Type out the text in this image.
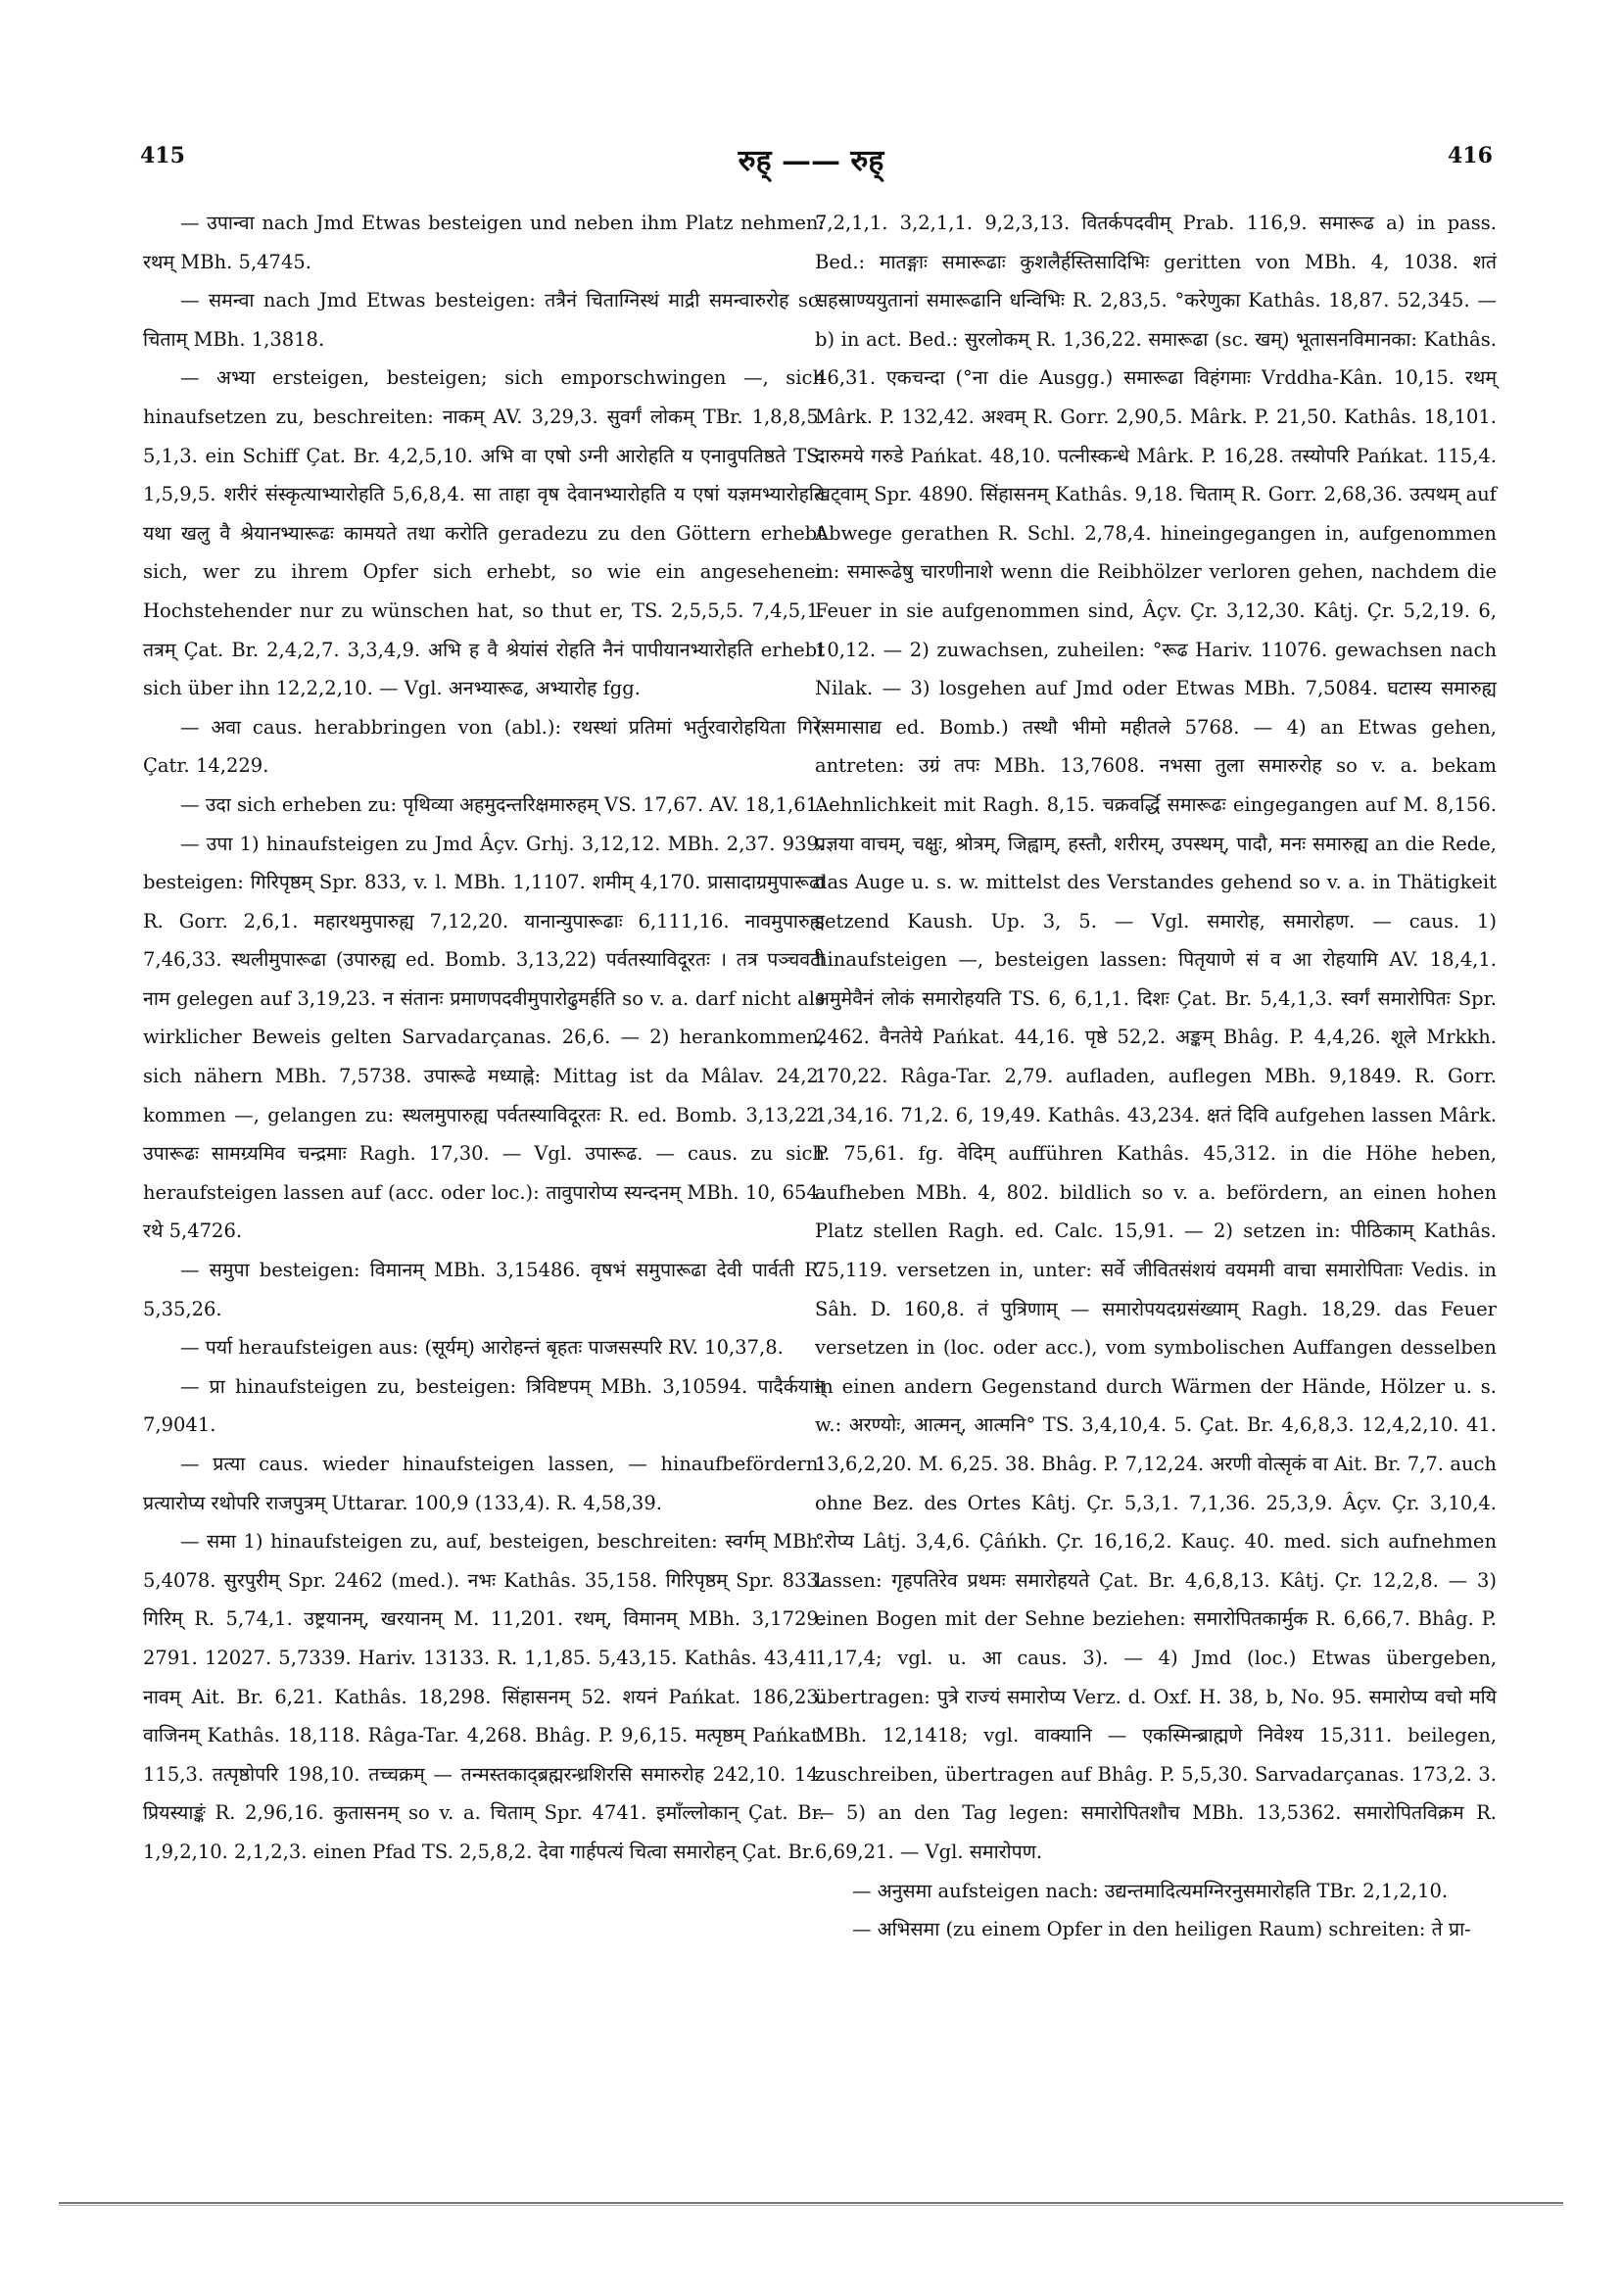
415	रुह् —— रुह्	416

— उपान्वा nach Jmd Etwas besteigen und neben ihm Platz nehmen: रथम् MBh. 5,4745.

— समन्वा nach Jmd Etwas besteigen: तत्रैनं चिताग्निस्थं माद्री समन्वारुरोह sc. चिताम् MBh. 1,3818.

— अभ्या ersteigen, besteigen; sich emporschwingen —, sich hinaufsetzen zu, beschreiten: नाकम् AV. 3,29,3. सुवर्गं लोकम् TBr. 1,8,8,5. 5,1,3. ein Schiff Çat. Br. 4,2,5,10. अभि वा एषो ऽग्नी आरोहति य एनावुपतिष्ठते TS. 1,5,9,5. शरीरं संस्कृत्याभ्यारोहति 5,6,8,4. सा ताहा वृष देवानभ्यारोहति य एषां यज्ञमभ्यारोहति यथा खलु वै श्रेयानभ्यारूढः कामयते तथा करोति geradezu zu den Göttern erhebt sich, wer zu ihrem Opfer sich erhebt, so wie ein angesehener Hochstehender nur zu wünschen hat, so thut er, TS. 2,5,5,5. 7,4,5,1. तत्रम् Çat. Br. 2,4,2,7. 3,3,4,9. अभि ह वै श्रेयांसं रोहति नैनं पापीयानभ्यारोहति erhebt sich über ihn 12,2,2,10. — Vgl. अनभ्यारूढ, अभ्यारोह fgg.

— अवा caus. herabbringen von (abl.): रथस्थां प्रतिमां भर्तुरवारोहयिता गिरेः Çatr. 14,229.

— उदा sich erheben zu: पृथिव्या अहमुदन्तरिक्षमारुहम् VS. 17,67. AV. 18,1,61.

— उपा 1) hinaufsteigen zu Jmd Âçv. Grhj. 3,12,12. MBh. 2,37. 939. besteigen: गिरिपृष्ठम् Spr. 833, v. l. MBh. 1,1107. शमीम् 4,170. प्रासादाग्रमुपारूढा R. Gorr. 2,6,1. महारथमुपारुह्य 7,12,20. यानान्युपारूढाः 6,111,16. नावमुपारुह्य 7,46,33. स्थलीमुपारूढा (उपारुह्य ed. Bomb. 3,13,22) पर्वतस्याविदूरतः । तत्र पञ्चवटी नाम gelegen auf 3,19,23. न संतानः प्रमाणपदवीमुपारोढुमर्हति so v. a. darf nicht als wirklicher Beweis gelten Sarvadarçanas. 26,6. — 2) herankommen, sich nähern MBh. 7,5738. उपारूढे मध्याह्ने: Mittag ist da Mâlav. 24,2. kommen —, gelangen zu: स्थलमुपारुह्य पर्वतस्याविदूरतः R. ed. Bomb. 3,13,22. उपारूढः सामग्र्यमिव चन्द्रमाः Ragh. 17,30. — Vgl. उपारूढ. — caus. zu sich heraufsteigen lassen auf (acc. oder loc.): तावुपारोप्य स्यन्दनम् MBh. 10, 654. रथे 5,4726.

— समुपा besteigen: विमानम् MBh. 3,15486. वृषभं समुपारूढा देवी पार्वती R. 5,35,26.

— पर्या heraufsteigen aus: (सूर्यम्) आरोहन्तं बृहतः पाजसस्परि RV. 10,37,8.

— प्रा hinaufsteigen zu, besteigen: त्रिविष्टपम् MBh. 3,10594. पादैर्कयान् 7,9041.

— प्रत्या caus. wieder hinaufsteigen lassen, — hinaufbefördern: प्रत्यारोप्य रथोपरि राजपुत्रम् Uttarar. 100,9 (133,4). R. 4,58,39.

— समा 1) hinaufsteigen zu, auf, besteigen, beschreiten: स्वर्गम् MBh. 5,4078. सुरपुरीम् Spr. 2462 (med.). नभः Kathâs. 35,158. गिरिपृष्ठम् Spr. 833. गिरिम् R. 5,74,1. उष्ट्रयानम्, खरयानम् M. 11,201. रथम्, विमानम् MBh. 3,1729. 2791. 12027. 5,7339. Hariv. 13133. R. 1,1,85. 5,43,15. Kathâs. 43,41. नावम् Ait. Br. 6,21. Kathâs. 18,298. सिंहासनम् 52. शयनं Pańkat. 186,23. वाजिनम् Kathâs. 18,118. Râga-Tar. 4,268. Bhâg. P. 9,6,15. मत्पृष्ठम् Pańkat. 115,3. तत्पृष्ठोपरि 198,10. तच्चक्रम् — तन्मस्तकाद्ब्रह्मरन्ध्रशिरसि समारुरोह 242,10. 14. प्रियस्याङ्कं R. 2,96,16. कुतासनम् so v. a. चिताम् Spr. 4741. इमाँल्लोकान् Çat. Br. 1,9,2,10. 2,1,2,3. einen Pfad TS. 2,5,8,2. देवा गार्हपत्यं चित्वा समारोहन् Çat. Br.

7,2,1,1. 3,2,1,1. 9,2,3,13. वितर्कपदवीम् Prab. 116,9. समारूढ a) in pass. Bed.: मातङ्गाः समारूढाः कुशलैर्हस्तिसादिभिः geritten von MBh. 4, 1038. शतं सहस्राण्ययुतानां समारूढानि धन्विभिः R. 2,83,5. °करेणुका Kathâs. 18,87. 52,345. — b) in act. Bed.: सुरलोकम् R. 1,36,22. समारूढा (sc. खम्) भूतासनविमानका: Kathâs. 46,31. एकचन्दा (°ना die Ausgg.) समारूढा विहंगमाः Vrddha-Kân. 10,15. रथम् Mârk. P. 132,42. अश्वम् R. Gorr. 2,90,5. Mârk. P. 21,50. Kathâs. 18,101. दारुमये गरुडे Pańkat. 48,10. पत्नीस्कन्धे Mârk. P. 16,28. तस्योपरि Pańkat. 115,4. खट्वाम् Spr. 4890. सिंहासनम् Kathâs. 9,18. चिताम् R. Gorr. 2,68,36. उत्पथम् auf Abwege gerathen R. Schl. 2,78,4. hineingegangen in, aufgenommen in: समारूढेषु चारणीनाशे wenn die Reibhölzer verloren gehen, nachdem die Feuer in sie aufgenommen sind, Âçv. Çr. 3,12,30. Kâtj. Çr. 5,2,19. 6, 10,12. — 2) zuwachsen, zuheilen: °रूढ Hariv. 11076. gewachsen nach Nilak. — 3) losgehen auf Jmd oder Etwas MBh. 7,5084. घटास्य समारुह्य (समासाद्य ed. Bomb.) तस्थौ भीमो महीतले 5768. — 4) an Etwas gehen, antreten: उग्रं तपः MBh. 13,7608. नभसा तुला समारुरोह so v. a. bekam Aehnlichkeit mit Ragh. 8,15. चक्रवर्द्धि समारूढः eingegangen auf M. 8,156. प्रज्ञया वाचम्, चक्षुः, श्रोत्रम्, जिह्वाम्, हस्तौ, शरीरम्, उपस्थम्, पादौ, मनः समारुह्य an die Rede, das Auge u. s. w. mittelst des Verstandes gehend so v. a. in Thätigkeit setzend Kaush. Up. 3, 5. — Vgl. समारोह, समारोहण. — caus. 1) hinaufsteigen —, besteigen lassen: पितृयाणे सं व आ रोहयामि AV. 18,4,1. अमुमेवैनं लोकं समारोहयति TS. 6, 6,1,1. दिशः Çat. Br. 5,4,1,3. स्वर्गं समारोपितः Spr. 2462. वैनतेये Pańkat. 44,16. पृष्ठे 52,2. अङ्कम् Bhâg. P. 4,4,26. शूले Mrkkh. 170,22. Râga-Tar. 2,79. aufladen, auflegen MBh. 9,1849. R. Gorr. 1,34,16. 71,2. 6, 19,49. Kathâs. 43,234. क्षतं दिवि aufgehen lassen Mârk. P. 75,61. fg. वेदिम् aufführen Kathâs. 45,312. in die Höhe heben, aufheben MBh. 4, 802. bildlich so v. a. befördern, an einen hohen Platz stellen Ragh. ed. Calc. 15,91. — 2) setzen in: पीठिकाम् Kathâs. 75,119. versetzen in, unter: सर्वे जीवितसंशयं वयममी वाचा समारोपिताः Vedis. in Sâh. D. 160,8. तं पुत्रिणाम् — समारोपयदग्रसंख्याम् Ragh. 18,29. das Feuer versetzen in (loc. oder acc.), vom symbolischen Auffangen desselben in einen andern Gegenstand durch Wärmen der Hände, Hölzer u. s. w.: अरण्योः, आत्मन्, आत्मनि° TS. 3,4,10,4. 5. Çat. Br. 4,6,8,3. 12,4,2,10. 41. 13,6,2,20. M. 6,25. 38. Bhâg. P. 7,12,24. अरणी वोत्सृकं वा Ait. Br. 7,7. auch ohne Bez. des Ortes Kâtj. Çr. 5,3,1. 7,1,36. 25,3,9. Âçv. Çr. 3,10,4. °रोप्य Lâtj. 3,4,6. Çâńkh. Çr. 16,16,2. Kauç. 40. med. sich aufnehmen lassen: गृहपतिरेव प्रथमः समारोहयते Çat. Br. 4,6,8,13. Kâtj. Çr. 12,2,8. — 3) einen Bogen mit der Sehne beziehen: समारोपितकार्मुक R. 6,66,7. Bhâg. P. 1,17,4; vgl. u. आ caus. 3). — 4) Jmd (loc.) Etwas übergeben, übertragen: पुत्रे राज्यं समारोप्य Verz. d. Oxf. H. 38, b, No. 95. समारोप्य वचो मयि MBh. 12,1418; vgl. वाक्यानि — एकस्मिन्ब्राह्मणे निवेश्य 15,311. beilegen, zuschreiben, übertragen auf Bhâg. P. 5,5,30. Sarvadarçanas. 173,2. 3. — 5) an den Tag legen: समारोपितशौच MBh. 13,5362. समारोपितविक्रम R. 6,69,21. — Vgl. समारोपण.

— अनुसमा aufsteigen nach: उद्यन्तमादित्यमग्निरनुसमारोहति TBr. 2,1,2,10.

— अभिसमा (zu einem Opfer in den heiligen Raum) schreiten: ते प्रा-
